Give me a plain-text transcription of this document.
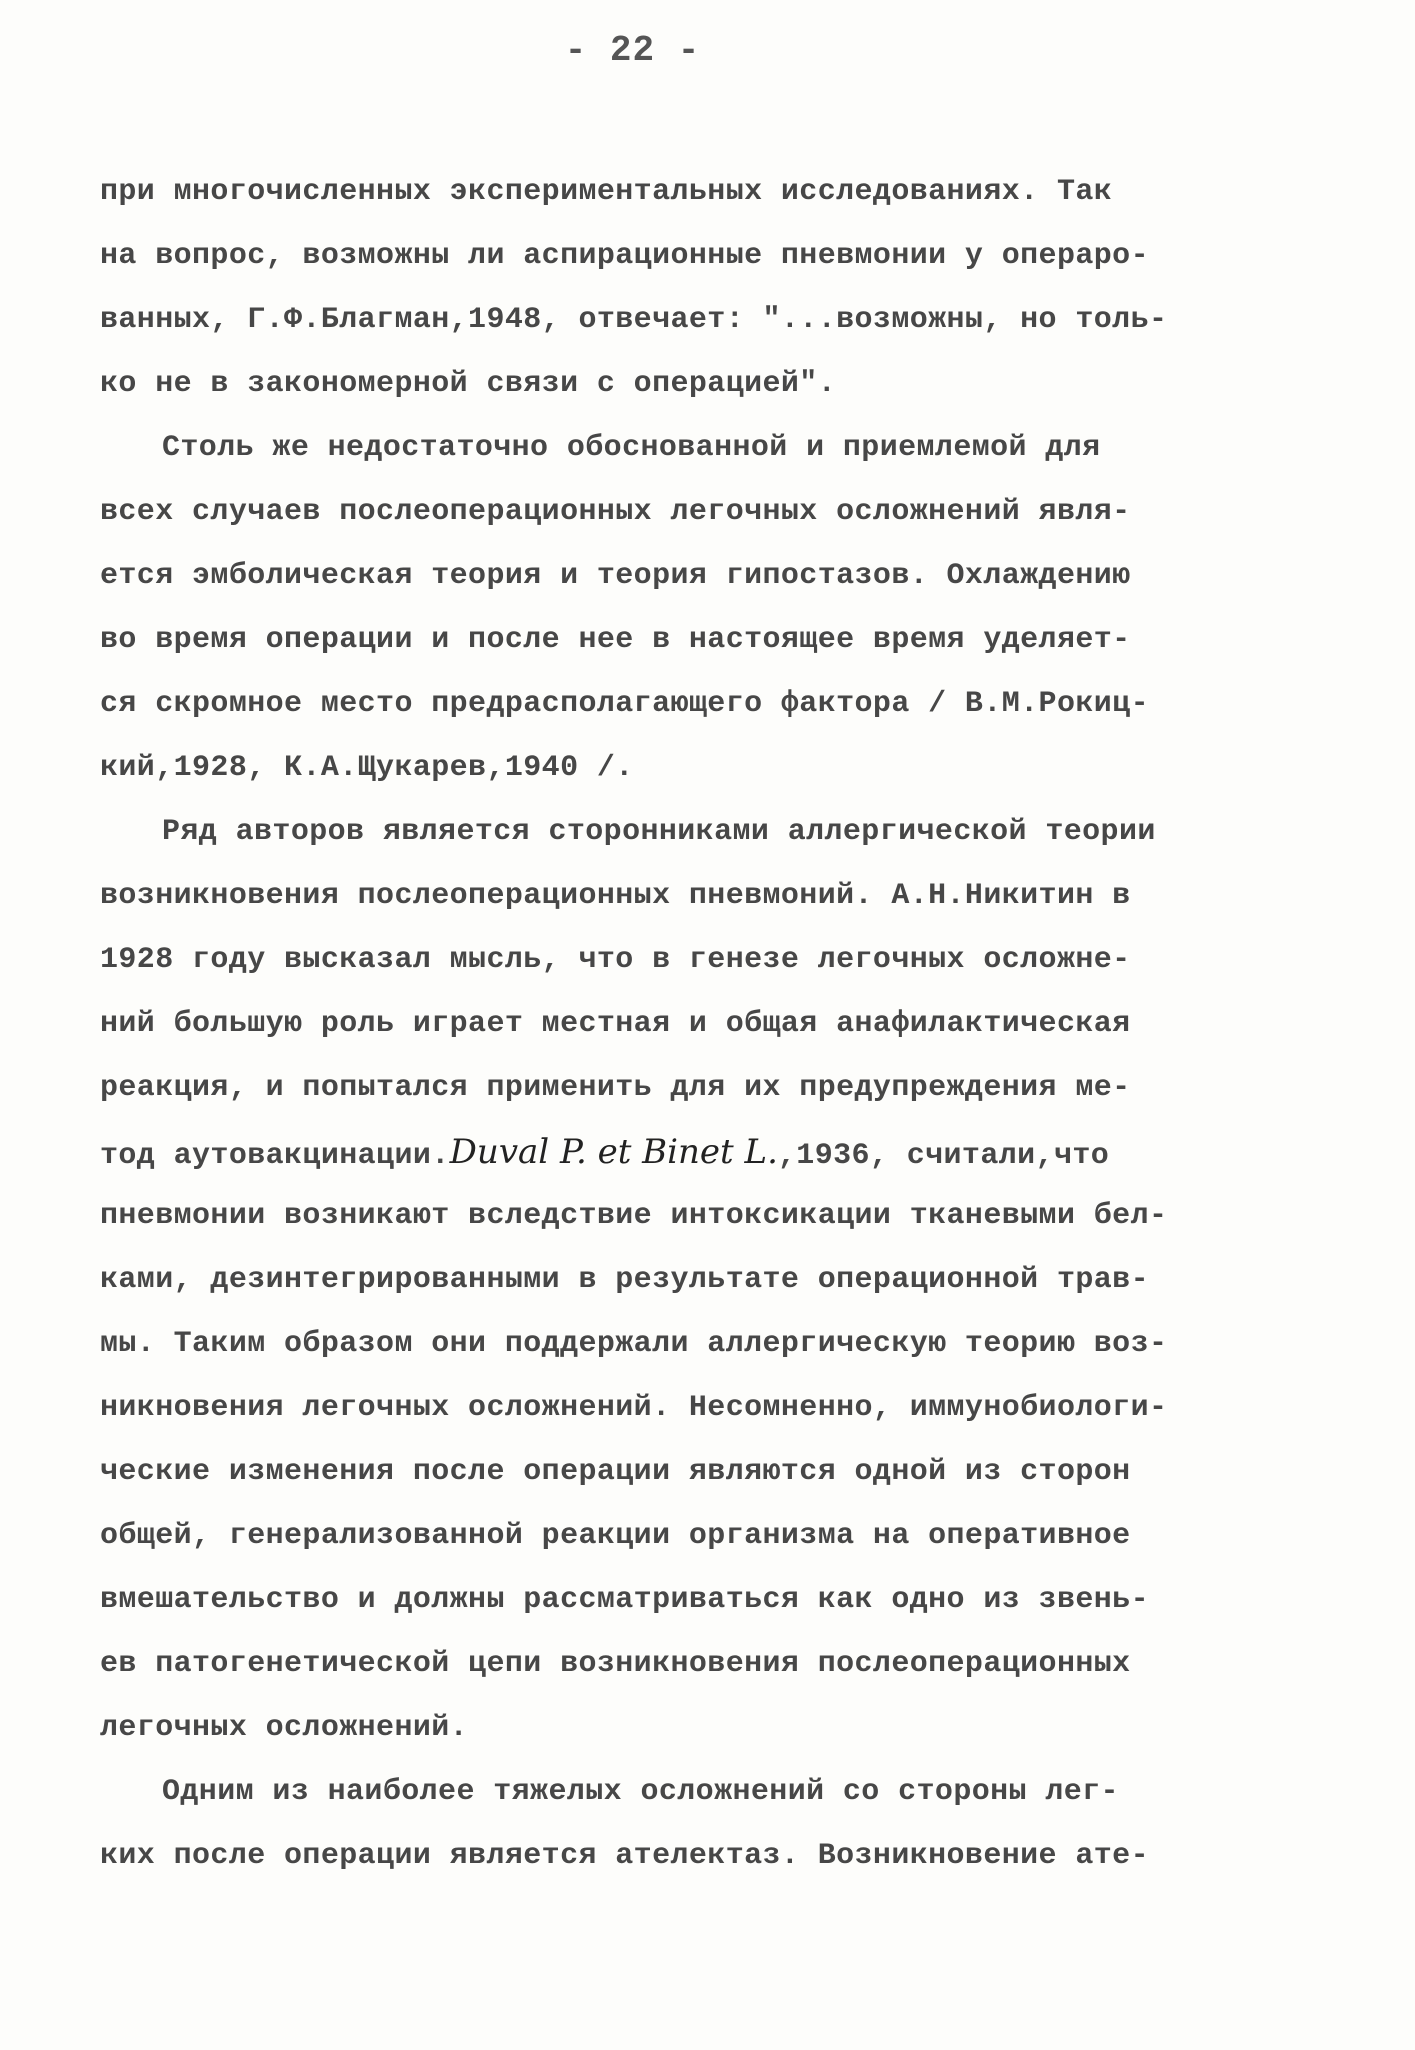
- 22 -
при многочисленных экспериментальных исследованиях. Так
на вопрос, возможны ли аспирационные пневмонии у операро-
ванных, Г.Ф.Благман,1948, отвечает: "...возможны, но толь-
ко не в закономерной связи с операцией".
Столь же недостаточно обоснованной и приемлемой для
всех случаев послеоперационных легочных осложнений явля-
ется эмболическая теория и теория гипостазов. Охлаждению
во время операции и после нее в настоящее время уделяет-
ся скромное место предрасполагающего фактора / В.М.Рокиц-
кий,1928, К.А.Щукарев,1940 /.
Ряд авторов является сторонниками аллергической теории
возникновения послеоперационных пневмоний. А.Н.Никитин в
1928 году высказал мысль, что в генезе легочных осложне-
ний большую роль играет местная и общая анафилактическая
реакция, и попытался применить для их предупреждения ме-
тод аутовакцинации.Duval P. et Binet L.,1936, считали,что
пневмонии возникают вследствие интоксикации тканевыми бел-
ками, дезинтегрированными в результате операционной трав-
мы. Таким образом они поддержали аллергическую теорию воз-
никновения легочных осложнений. Несомненно, иммунобиологи-
ческие изменения после операции являются одной из сторон
общей, генерализованной реакции организма на оперативное
вмешательство и должны рассматриваться как одно из звень-
ев патогенетической цепи возникновения послеоперационных
легочных осложнений.
Одним из наиболее тяжелых осложнений со стороны лег-
ких после операции является ателектаз. Возникновение ате-
